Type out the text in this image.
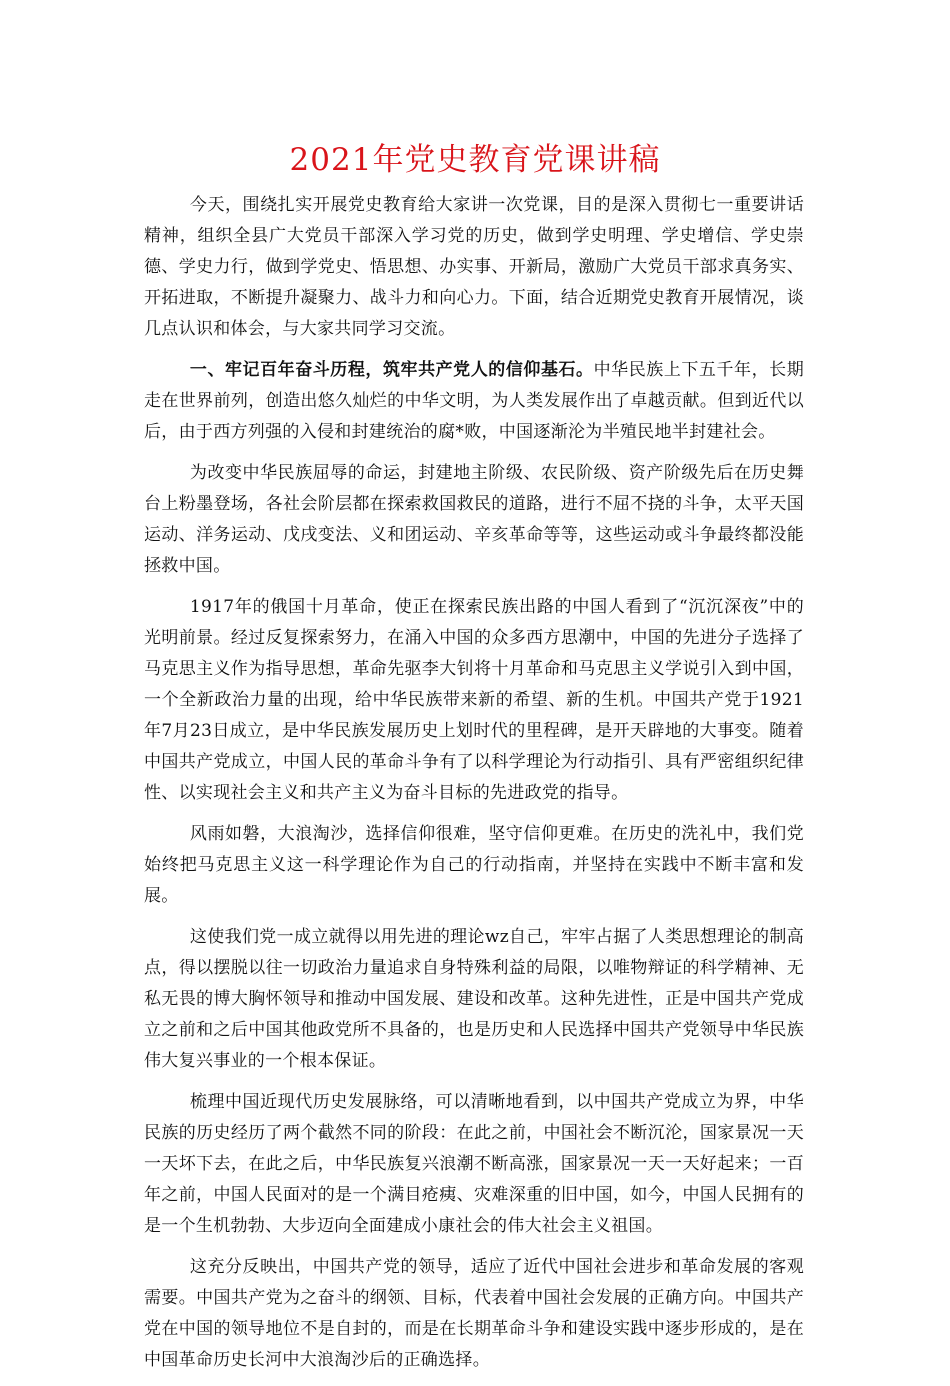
2021年党史教育党课讲稿

今天，围绕扎实开展党史教育给大家讲一次党课，目的是深入贯彻七一重要讲话精神，组织全县广大党员干部深入学习党的历史，做到学史明理、学史增信、学史崇德、学史力行，做到学党史、悟思想、办实事、开新局，激励广大党员干部求真务实、开拓进取，不断提升凝聚力、战斗力和向心力。下面，结合近期党史教育开展情况，谈几点认识和体会，与大家共同学习交流。

一、牢记百年奋斗历程，筑牢共产党人的信仰基石。中华民族上下五千年，长期走在世界前列，创造出悠久灿烂的中华文明，为人类发展作出了卓越贡献。但到近代以后，由于西方列强的入侵和封建统治的腐*败，中国逐渐沦为半殖民地半封建社会。

为改变中华民族屈辱的命运，封建地主阶级、农民阶级、资产阶级先后在历史舞台上粉墨登场，各社会阶层都在探索救国救民的道路，进行不屈不挠的斗争，太平天国运动、洋务运动、戊戌变法、义和团运动、辛亥革命等等，这些运动或斗争最终都没能拯救中国。

1917年的俄国十月革命，使正在探索民族出路的中国人看到了“沉沉深夜”中的光明前景。经过反复探索努力，在涌入中国的众多西方思潮中，中国的先进分子选择了马克思主义作为指导思想，革命先驱李大钊将十月革命和马克思主义学说引入到中国，一个全新政治力量的出现，给中华民族带来新的希望、新的生机。中国共产党于1921年7月23日成立，是中华民族发展历史上划时代的里程碑，是开天辟地的大事变。随着中国共产党成立，中国人民的革命斗争有了以科学理论为行动指引、具有严密组织纪律性、以实现社会主义和共产主义为奋斗目标的先进政党的指导。

风雨如磐，大浪淘沙，选择信仰很难，坚守信仰更难。在历史的洗礼中，我们党始终把马克思主义这一科学理论作为自己的行动指南，并坚持在实践中不断丰富和发展。

这使我们党一成立就得以用先进的理论wz自己，牢牢占据了人类思想理论的制高点，得以摆脱以往一切政治力量追求自身特殊利益的局限，以唯物辩证的科学精神、无私无畏的博大胸怀领导和推动中国发展、建设和改革。这种先进性，正是中国共产党成立之前和之后中国其他政党所不具备的，也是历史和人民选择中国共产党领导中华民族伟大复兴事业的一个根本保证。

梳理中国近现代历史发展脉络，可以清晰地看到，以中国共产党成立为界，中华民族的历史经历了两个截然不同的阶段：在此之前，中国社会不断沉沦，国家景况一天一天坏下去，在此之后，中华民族复兴浪潮不断高涨，国家景况一天一天好起来；一百年之前，中国人民面对的是一个满目疮痍、灾难深重的旧中国，如今，中国人民拥有的是一个生机勃勃、大步迈向全面建成小康社会的伟大社会主义祖国。

这充分反映出，中国共产党的领导，适应了近代中国社会进步和革命发展的客观需要。中国共产党为之奋斗的纲领、目标，代表着中国社会发展的正确方向。中国共产党在中国的领导地位不是自封的，而是在长期革命斗争和建设实践中逐步形成的，是在中国革命历史长河中大浪淘沙后的正确选择。
